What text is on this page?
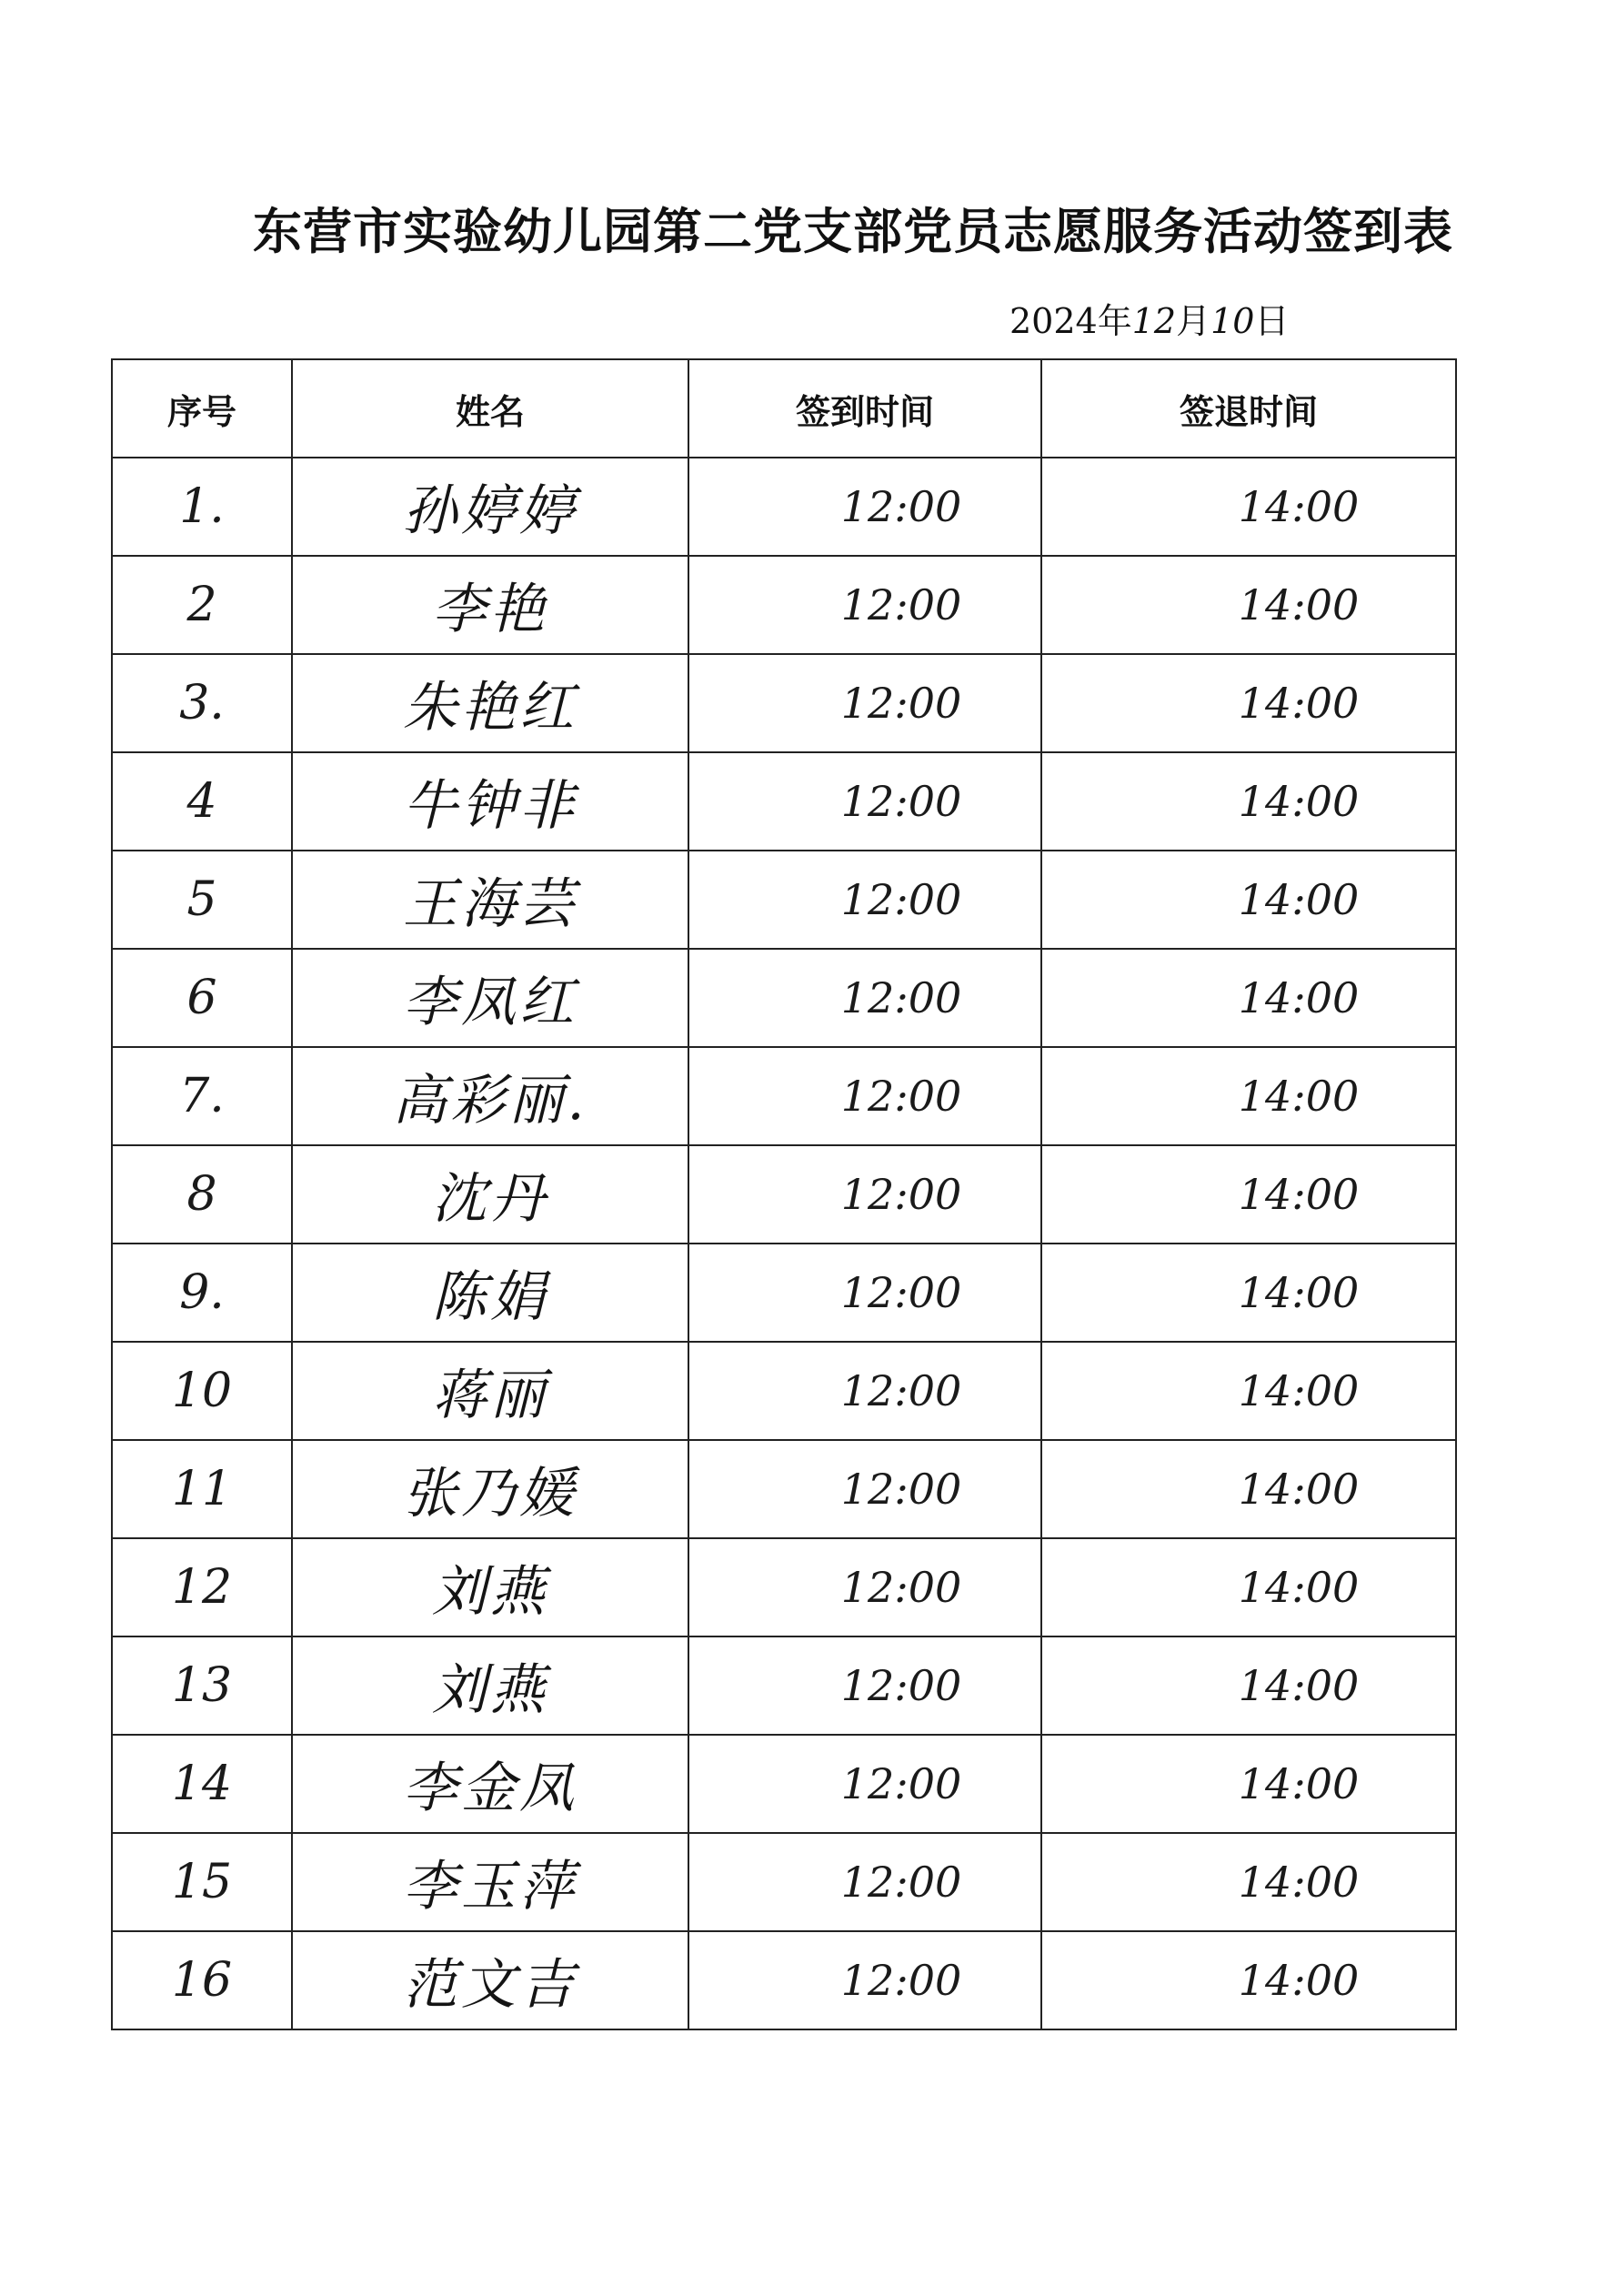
东营市实验幼儿园第二党支部党员志愿服务活动签到表
2024年12月10日
序号	姓名	签到时间	签退时间
1.	孙婷婷	12:00	14:00
2	李艳	12:00	14:00
3.	朱艳红	12:00	14:00
4	牛钟非	12:00	14:00
5	王海芸	12:00	14:00
6	李凤红	12:00	14:00
7.	高彩丽.	12:00	14:00
8	沈丹	12:00	14:00
9.	陈娟	12:00	14:00
10	蒋丽	12:00	14:00
11	张乃媛	12:00	14:00
12	刘燕	12:00	14:00
13	刘燕	12:00	14:00
14	李金凤	12:00	14:00
15	李玉萍	12:00	14:00
16	范文吉	12:00	14:00
